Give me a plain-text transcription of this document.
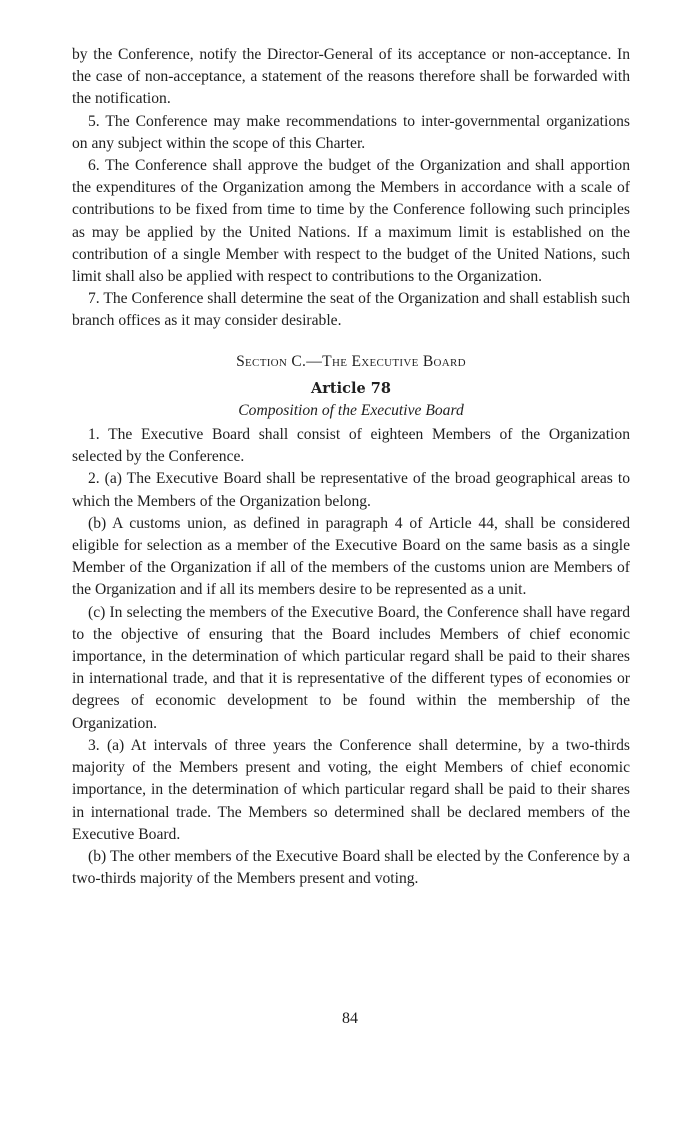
by the Conference, notify the Director-General of its acceptance or non-acceptance. In the case of non-acceptance, a statement of the reasons therefore shall be forwarded with the notification.

5. The Conference may make recommendations to inter-governmental organizations on any subject within the scope of this Charter.

6. The Conference shall approve the budget of the Organization and shall apportion the expenditures of the Organization among the Members in accordance with a scale of contributions to be fixed from time to time by the Conference following such principles as may be applied by the United Nations. If a maximum limit is established on the contribution of a single Member with respect to the budget of the United Nations, such limit shall also be applied with respect to contributions to the Organization.

7. The Conference shall determine the seat of the Organization and shall establish such branch offices as it may consider desirable.

Section C.—The Executive Board

Article 78

Composition of the Executive Board

1. The Executive Board shall consist of eighteen Members of the Organization selected by the Conference.

2. (a) The Executive Board shall be representative of the broad geographical areas to which the Members of the Organization belong.

(b) A customs union, as defined in paragraph 4 of Article 44, shall be considered eligible for selection as a member of the Executive Board on the same basis as a single Member of the Organization if all of the members of the customs union are Members of the Organization and if all its members desire to be represented as a unit.

(c) In selecting the members of the Executive Board, the Conference shall have regard to the objective of ensuring that the Board includes Members of chief economic importance, in the determination of which particular regard shall be paid to their shares in international trade, and that it is representative of the different types of economies or degrees of economic development to be found within the membership of the Organization.

3. (a) At intervals of three years the Conference shall determine, by a two-thirds majority of the Members present and voting, the eight Members of chief economic importance, in the determination of which particular regard shall be paid to their shares in international trade. The Members so determined shall be declared members of the Executive Board.

(b) The other members of the Executive Board shall be elected by the Conference by a two-thirds majority of the Members present and voting.

84
